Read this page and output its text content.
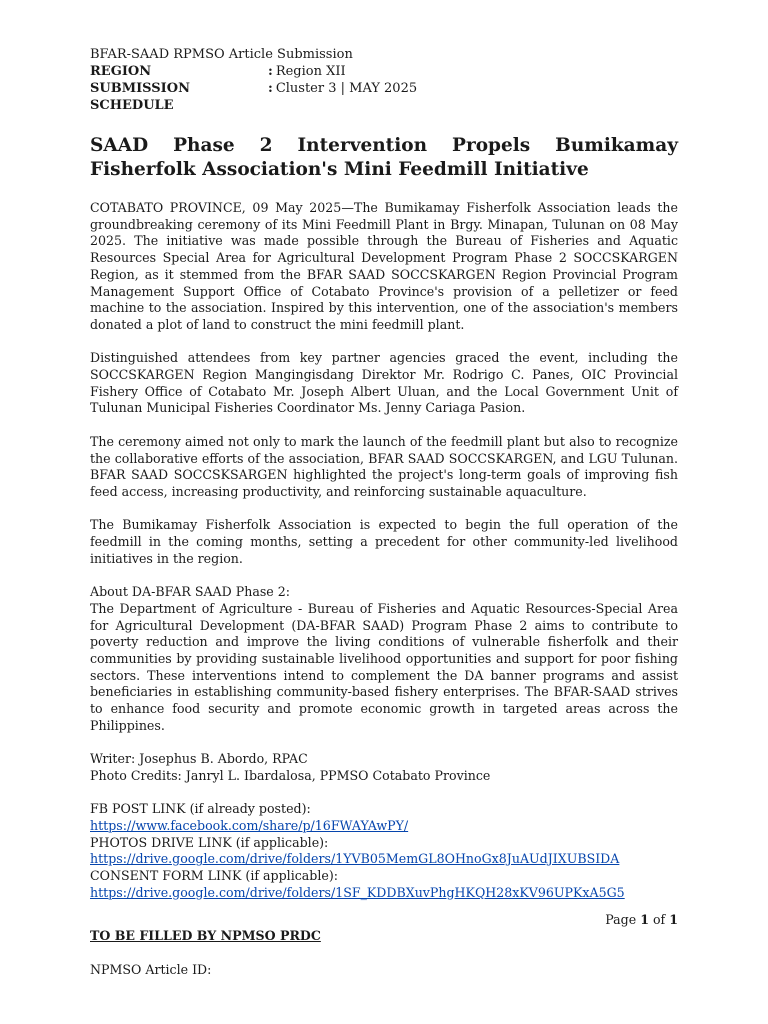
BFAR-SAAD RPMSO Article Submission
REGION	: Region XII
SUBMISSION SCHEDULE
: Cluster 3 | MAY 2025
SAAD Phase 2 Intervention Propels Bumikamay Fisherfolk Association's Mini Feedmill Initiative

COTABATO PROVINCE, 09 May 2025—The Bumikamay Fisherfolk Association leads the groundbreaking ceremony of its Mini Feedmill Plant in Brgy. Minapan, Tulunan on 08 May 2025. The initiative was made possible through the Bureau of Fisheries and Aquatic Resources Special Area for Agricultural Development Program Phase 2 SOCCSKARGEN Region, as it stemmed from the BFAR SAAD SOCCSKARGEN Region Provincial Program Management Support Office of Cotabato Province's provision of a pelletizer or feed machine to the association. Inspired by this intervention, one of the association's members donated a plot of land to construct the mini feedmill plant.

Distinguished attendees from key partner agencies graced the event, including the SOCCSKARGEN Region Mangingisdang Direktor Mr. Rodrigo C. Panes, OIC Provincial Fishery Office of Cotabato Mr. Joseph Albert Uluan, and the Local Government Unit of Tulunan Municipal Fisheries Coordinator Ms. Jenny Cariaga Pasion.

The ceremony aimed not only to mark the launch of the feedmill plant but also to recognize the collaborative efforts of the association, BFAR SAAD SOCCSKARGEN, and LGU Tulunan. BFAR SAAD SOCCSKSARGEN highlighted the project's long-term goals of improving fish feed access, increasing productivity, and reinforcing sustainable aquaculture.

The Bumikamay Fisherfolk Association is expected to begin the full operation of the feedmill in the coming months, setting a precedent for other community-led livelihood initiatives in the region.

About DA-BFAR SAAD Phase 2:

The Department of Agriculture - Bureau of Fisheries and Aquatic Resources-Special Area for Agricultural Development (DA-BFAR SAAD) Program Phase 2 aims to contribute to poverty reduction and improve the living conditions of vulnerable fisherfolk and their communities by providing sustainable livelihood opportunities and support for poor fishing sectors. These interventions intend to complement the DA banner programs and assist beneficiaries in establishing community-based fishery enterprises. The BFAR-SAAD strives to enhance food security and promote economic growth in targeted areas across the Philippines.

Writer: Josephus B. Abordo, RPAC

Photo Credits: Janryl L. Ibardalosa, PPMSO Cotabato Province

FB POST LINK (if already posted):

https://www.facebook.com/share/p/16FWAYAwPY/

PHOTOS DRIVE LINK (if applicable):

https://drive.google.com/drive/folders/1YVB05MemGL8OHnoGx8JuAUdJIXUBSIDA

CONSENT FORM LINK (if applicable):

https://drive.google.com/drive/folders/1SF_KDDBXuvPhgHKQH28xKV96UPKxA5G5

Page 1 of 1
TO BE FILLED BY NPMSO PRDC
NPMSO Article ID:
